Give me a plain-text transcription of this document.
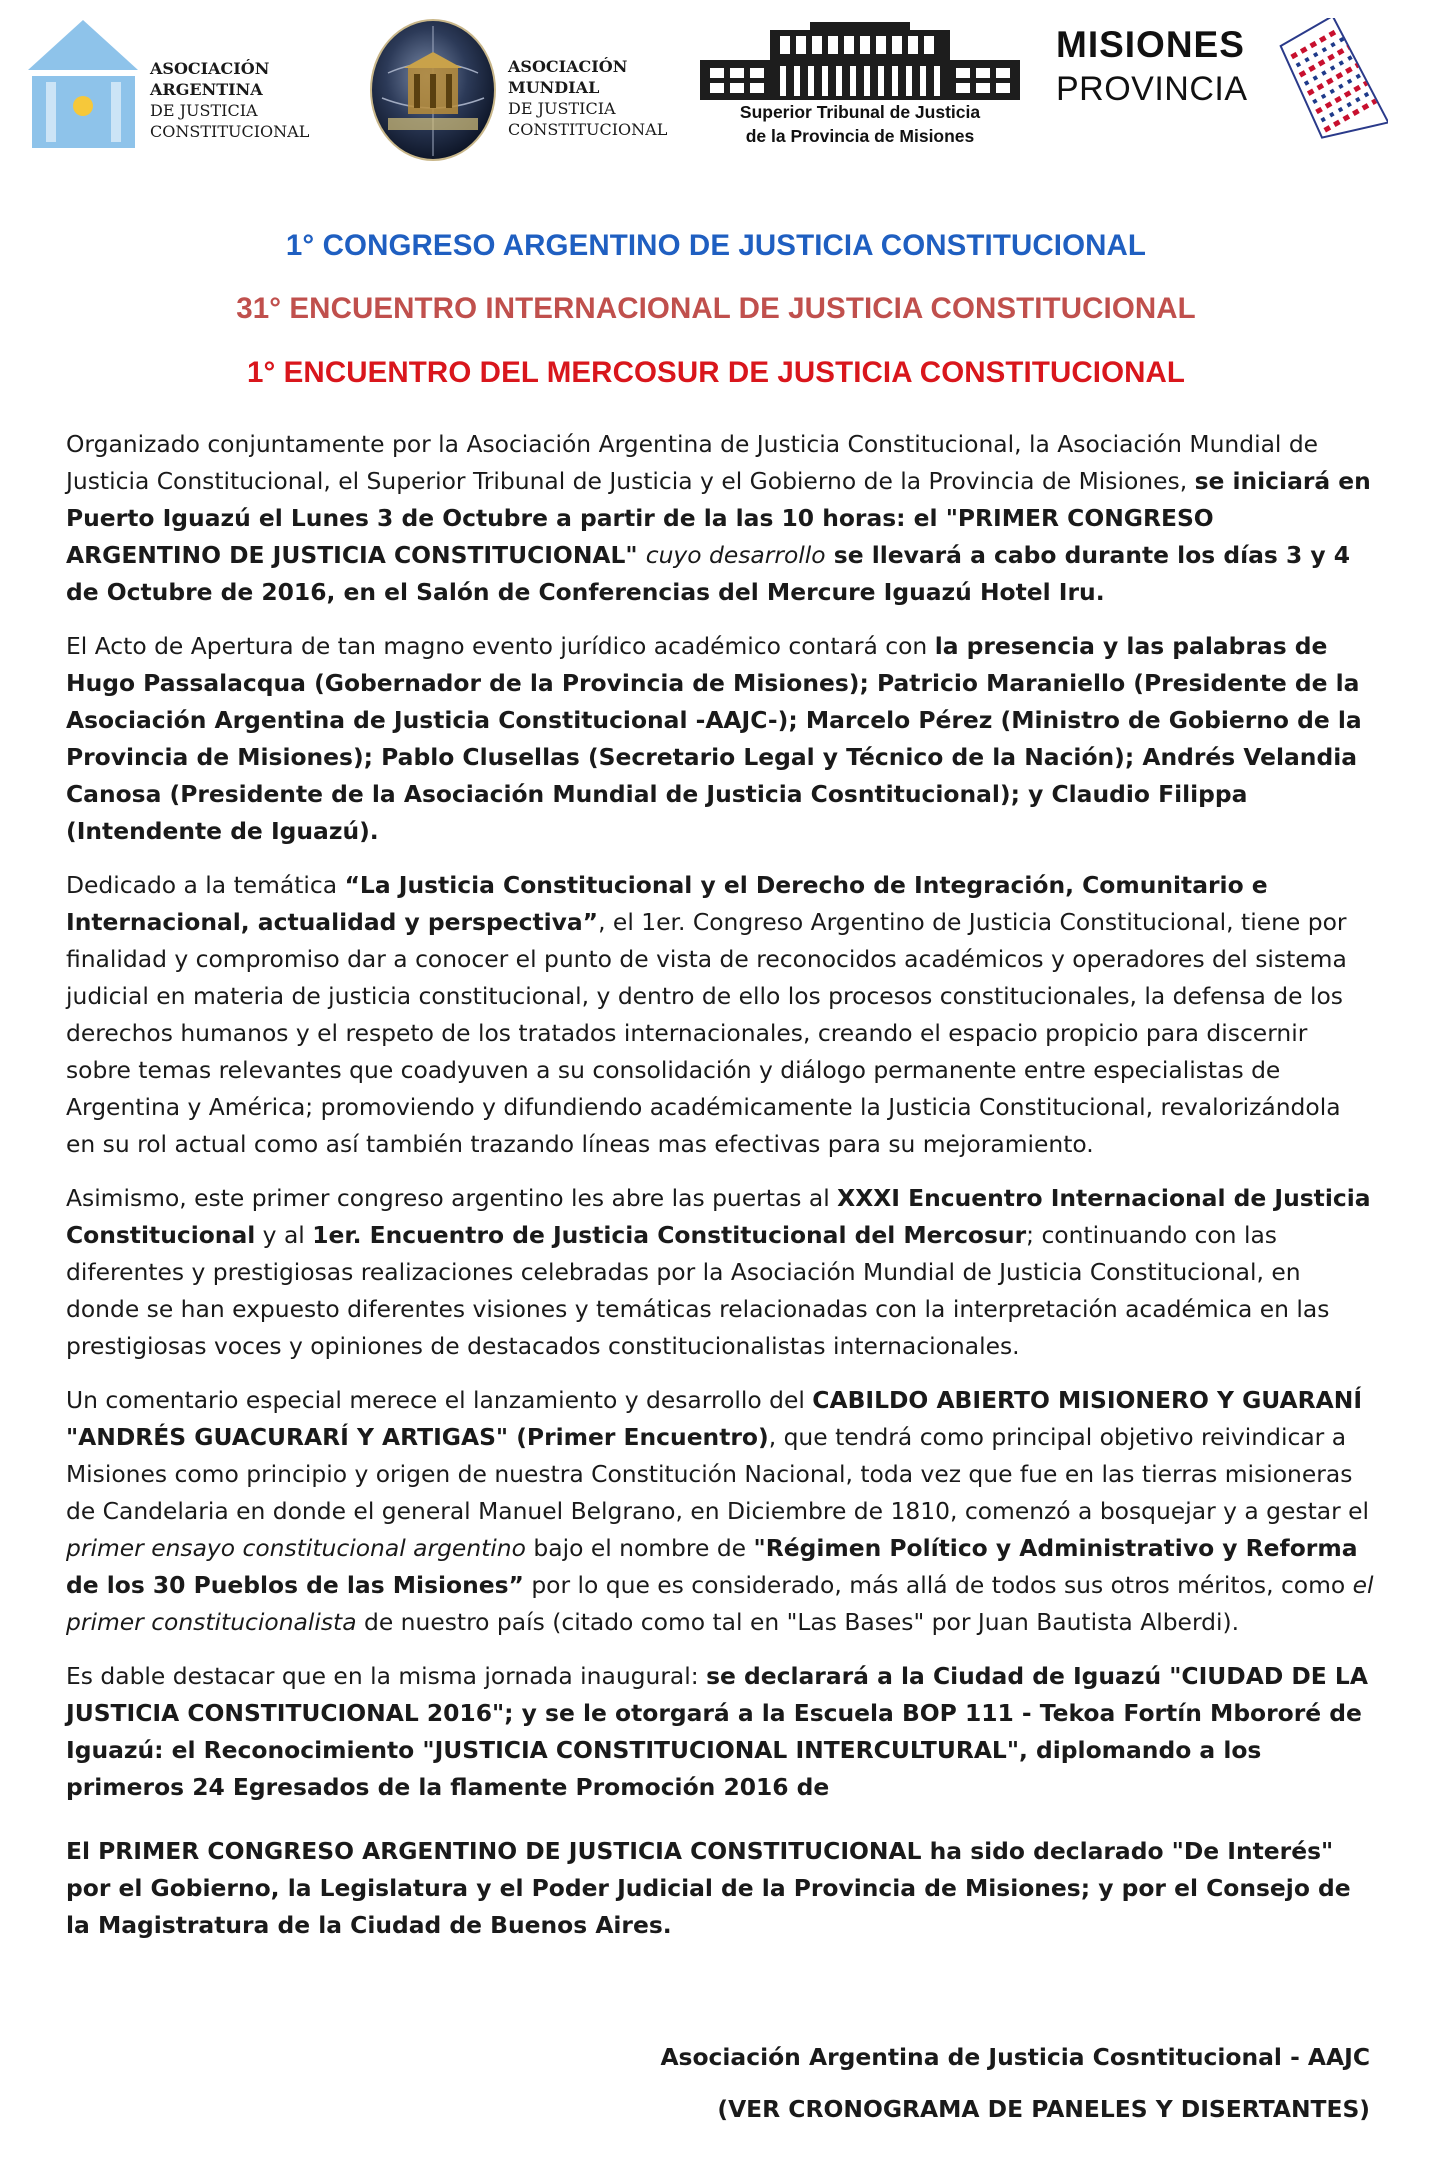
ASOCIACIÓN
ARGENTINA
DE JUSTICIA
CONSTITUCIONAL
ASOCIACIÓN
MUNDIAL
DE JUSTICIA
CONSTITUCIONAL
Superior Tribunal de Justicia
de la Provincia de Misiones
MISIONES
PROVINCIA
1° CONGRESO ARGENTINO DE JUSTICIA CONSTITUCIONAL
31° ENCUENTRO INTERNACIONAL DE JUSTICIA CONSTITUCIONAL
1° ENCUENTRO DEL MERCOSUR DE JUSTICIA CONSTITUCIONAL

Organizado conjuntamente por la Asociación Argentina de Justicia Constitucional, la Asociación Mundial de Justicia Constitucional, el Superior Tribunal de Justicia y el Gobierno de la Provincia de Misiones, se iniciará en Puerto Iguazú el Lunes 3 de Octubre a partir de la las 10 horas: el "PRIMER CONGRESO ARGENTINO DE JUSTICIA CONSTITUCIONAL" cuyo desarrollo se llevará a cabo durante los días 3 y 4 de Octubre de 2016, en el Salón de Conferencias del Mercure Iguazú Hotel Iru.

El Acto de Apertura de tan magno evento jurídico académico contará con la presencia y las palabras de Hugo Passalacqua (Gobernador de la Provincia de Misiones); Patricio Maraniello (Presidente de la Asociación Argentina de Justicia Constitucional -AAJC-); Marcelo Pérez (Ministro de Gobierno de la Provincia de Misiones); Pablo Clusellas (Secretario Legal y Técnico de la Nación); Andrés Velandia Canosa (Presidente de la Asociación Mundial de Justicia Cosntitucional); y Claudio Filippa (Intendente de Iguazú).

Dedicado a la temática “La Justicia Constitucional y el Derecho de Integración, Comunitario e Internacional, actualidad y perspectiva”, el 1er. Congreso Argentino de Justicia Constitucional, tiene por finalidad y compromiso dar a conocer el punto de vista de reconocidos académicos y operadores del sistema judicial en materia de justicia constitucional, y dentro de ello los procesos constitucionales, la defensa de los derechos humanos y el respeto de los tratados internacionales, creando el espacio propicio para discernir sobre temas relevantes que coadyuven a su consolidación y diálogo permanente entre especialistas de Argentina y América; promoviendo y difundiendo académicamente la Justicia Constitucional, revalorizándola en su rol actual como así también trazando líneas mas efectivas para su mejoramiento.

Asimismo, este primer congreso argentino les abre las puertas al XXXI Encuentro Internacional de Justicia Constitucional y al 1er. Encuentro de Justicia Constitucional del Mercosur; continuando con las diferentes y prestigiosas realizaciones celebradas por la Asociación Mundial de Justicia Constitucional, en donde se han expuesto diferentes visiones y temáticas relacionadas con la interpretación académica en las prestigiosas voces y opiniones de destacados constitucionalistas internacionales.

Un comentario especial merece el lanzamiento y desarrollo del CABILDO ABIERTO MISIONERO Y GUARANÍ "ANDRÉS GUACURARÍ Y ARTIGAS" (Primer Encuentro), que tendrá como principal objetivo reivindicar a Misiones como principio y origen de nuestra Constitución Nacional, toda vez que fue en las tierras misioneras de Candelaria en donde el general Manuel Belgrano, en Diciembre de 1810, comenzó a bosquejar y a gestar el primer ensayo constitucional argentino bajo el nombre de "Régimen Político y Administrativo y Reforma de los 30 Pueblos de las Misiones” por lo que es considerado, más allá de todos sus otros méritos, como el primer constitucionalista de nuestro país (citado como tal en "Las Bases" por Juan Bautista Alberdi).

Es dable destacar que en la misma jornada inaugural: se declarará a la Ciudad de Iguazú "CIUDAD DE LA JUSTICIA CONSTITUCIONAL 2016"; y se le otorgará a la Escuela BOP 111 - Tekoa Fortín Mbororé de Iguazú: el Reconocimiento "JUSTICIA CONSTITUCIONAL INTERCULTURAL", diplomando a los primeros 24 Egresados de la flamente Promoción 2016 de

El PRIMER CONGRESO ARGENTINO DE JUSTICIA CONSTITUCIONAL ha sido declarado "De Interés" por el Gobierno, la Legislatura y el Poder Judicial de la Provincia de Misiones; y por el Consejo de la Magistratura de la Ciudad de Buenos Aires.

Asociación Argentina de Justicia Cosntitucional - AAJC

(VER CRONOGRAMA DE PANELES Y DISERTANTES)
